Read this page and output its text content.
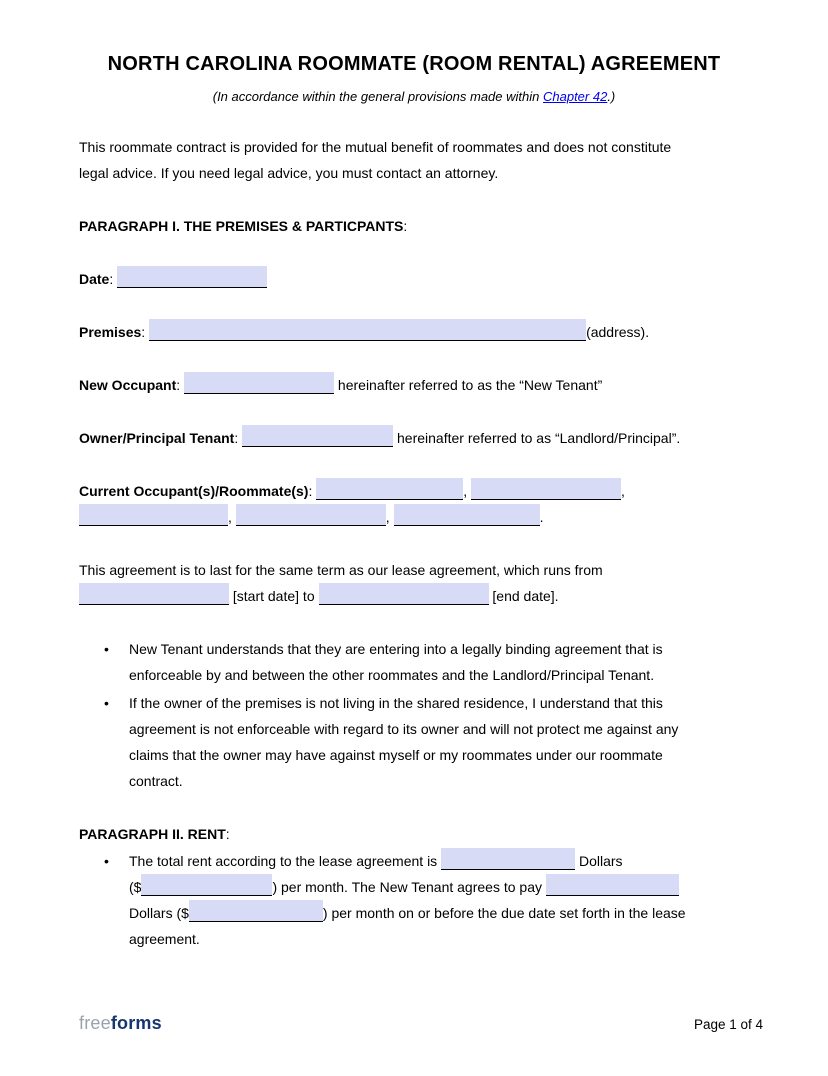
NORTH CAROLINA ROOMMATE (ROOM RENTAL) AGREEMENT
(In accordance within the general provisions made within Chapter 42.)
This roommate contract is provided for the mutual benefit of roommates and does not constitute
legal advice. If you need legal advice, you must contact an attorney.
PARAGRAPH I. THE PREMISES & PARTICPANTS:
Date:
Premises:	(address).
New Occupant:	hereinafter referred to as the “New Tenant”
Owner/Principal Tenant:	hereinafter referred to as “Landlord/Principal”.
Current Occupant(s)/Roommate(s):	,	,
,	,	.
This agreement is to last for the same term as our lease agreement, which runs from
[start date] to	[end date].
• New Tenant understands that they are entering into a legally binding agreement that is
enforceable by and between the other roommates and the Landlord/Principal Tenant.
• If the owner of the premises is not living in the shared residence, I understand that this
agreement is not enforceable with regard to its owner and will not protect me against any
claims that the owner may have against myself or my roommates under our roommate
contract.
PARAGRAPH II. RENT:
• The total rent according to the lease agreement is	Dollars
($	) per month. The New Tenant agrees to pay
Dollars ($	) per month on or before the due date set forth in the lease
agreement.
freeforms	Page 1 of 4
